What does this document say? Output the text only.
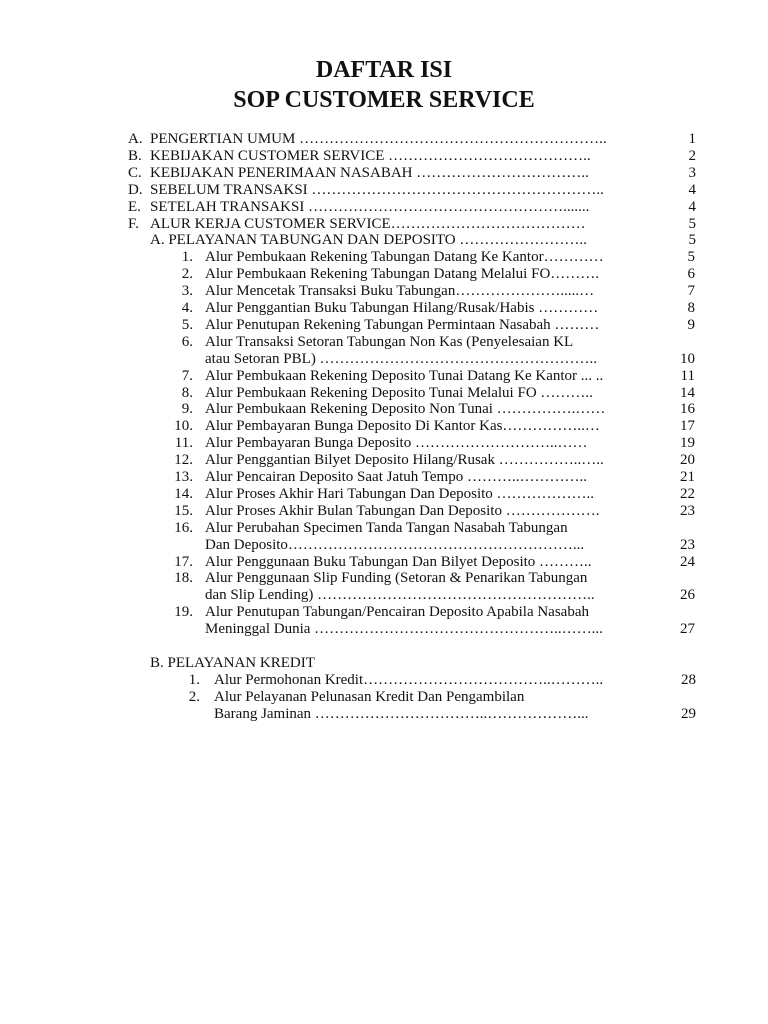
DAFTAR ISI
SOP CUSTOMER SERVICE
A. PENGERTIAN UMUM ……………………………………………………..	1
B. KEBIJAKAN CUSTOMER SERVICE …………………………………..	2
C. KEBIJAKAN PENERIMAAN NASABAH ……………………………..	3
D. SEBELUM TRANSAKSI …………………………………………………..	4
E. SETELAH TRANSAKSI …………………………………………….......	4
F. ALUR KERJA CUSTOMER SERVICE…………………………………	5
A. PELAYANAN TABUNGAN DAN DEPOSITO ……………………..	5
1. Alur Pembukaan Rekening Tabungan Datang Ke Kantor…………	5
2. Alur Pembukaan Rekening Tabungan Datang Melalui FO……….	6
3. Alur Mencetak Transaksi Buku Tabungan………………….....…	7
4. Alur Penggantian Buku Tabungan Hilang/Rusak/Habis …………	8
5. Alur Penutupan Rekening Tabungan Permintaan Nasabah ………	9
6. Alur Transaksi Setoran Tabungan Non Kas (Penyelesaian KL
atau Setoran PBL) ………………………………………………..	10
7. Alur Pembukaan Rekening Deposito Tunai Datang Ke Kantor ... ..	11
8. Alur Pembukaan Rekening Deposito Tunai Melalui FO ………..	14
9. Alur Pembukaan Rekening Deposito Non Tunai …………….……	16
10. Alur Pembayaran Bunga Deposito Di Kantor Kas……………..…	17
11. Alur Pembayaran Bunga Deposito ………………………..……	19
12. Alur Penggantian Bilyet Deposito Hilang/Rusak ……………..…..	20
13. Alur Pencairan Deposito Saat Jatuh Tempo ………..…………..	21
14. Alur Proses Akhir Hari Tabungan Dan Deposito ………………..	22
15. Alur Proses Akhir Bulan Tabungan Dan Deposito ……………….	23
16. Alur Perubahan Specimen Tanda Tangan Nasabah Tabungan
Dan Deposito…………………………………………………...	23
17. Alur Penggunaan Buku Tabungan Dan Bilyet Deposito ………..	24
18. Alur Penggunaan Slip Funding (Setoran & Penarikan Tabungan
dan Slip Lending) ………………………………………………..	26
19. Alur Penutupan Tabungan/Pencairan Deposito Apabila Nasabah
Meninggal Dunia …………………………………………..……...	27
B. PELAYANAN KREDIT
1. Alur Permohonan Kredit………………………………..………..	28
2. Alur Pelayanan Pelunasan Kredit Dan Pengambilan
Barang Jaminan ……………………………..………………...	29
